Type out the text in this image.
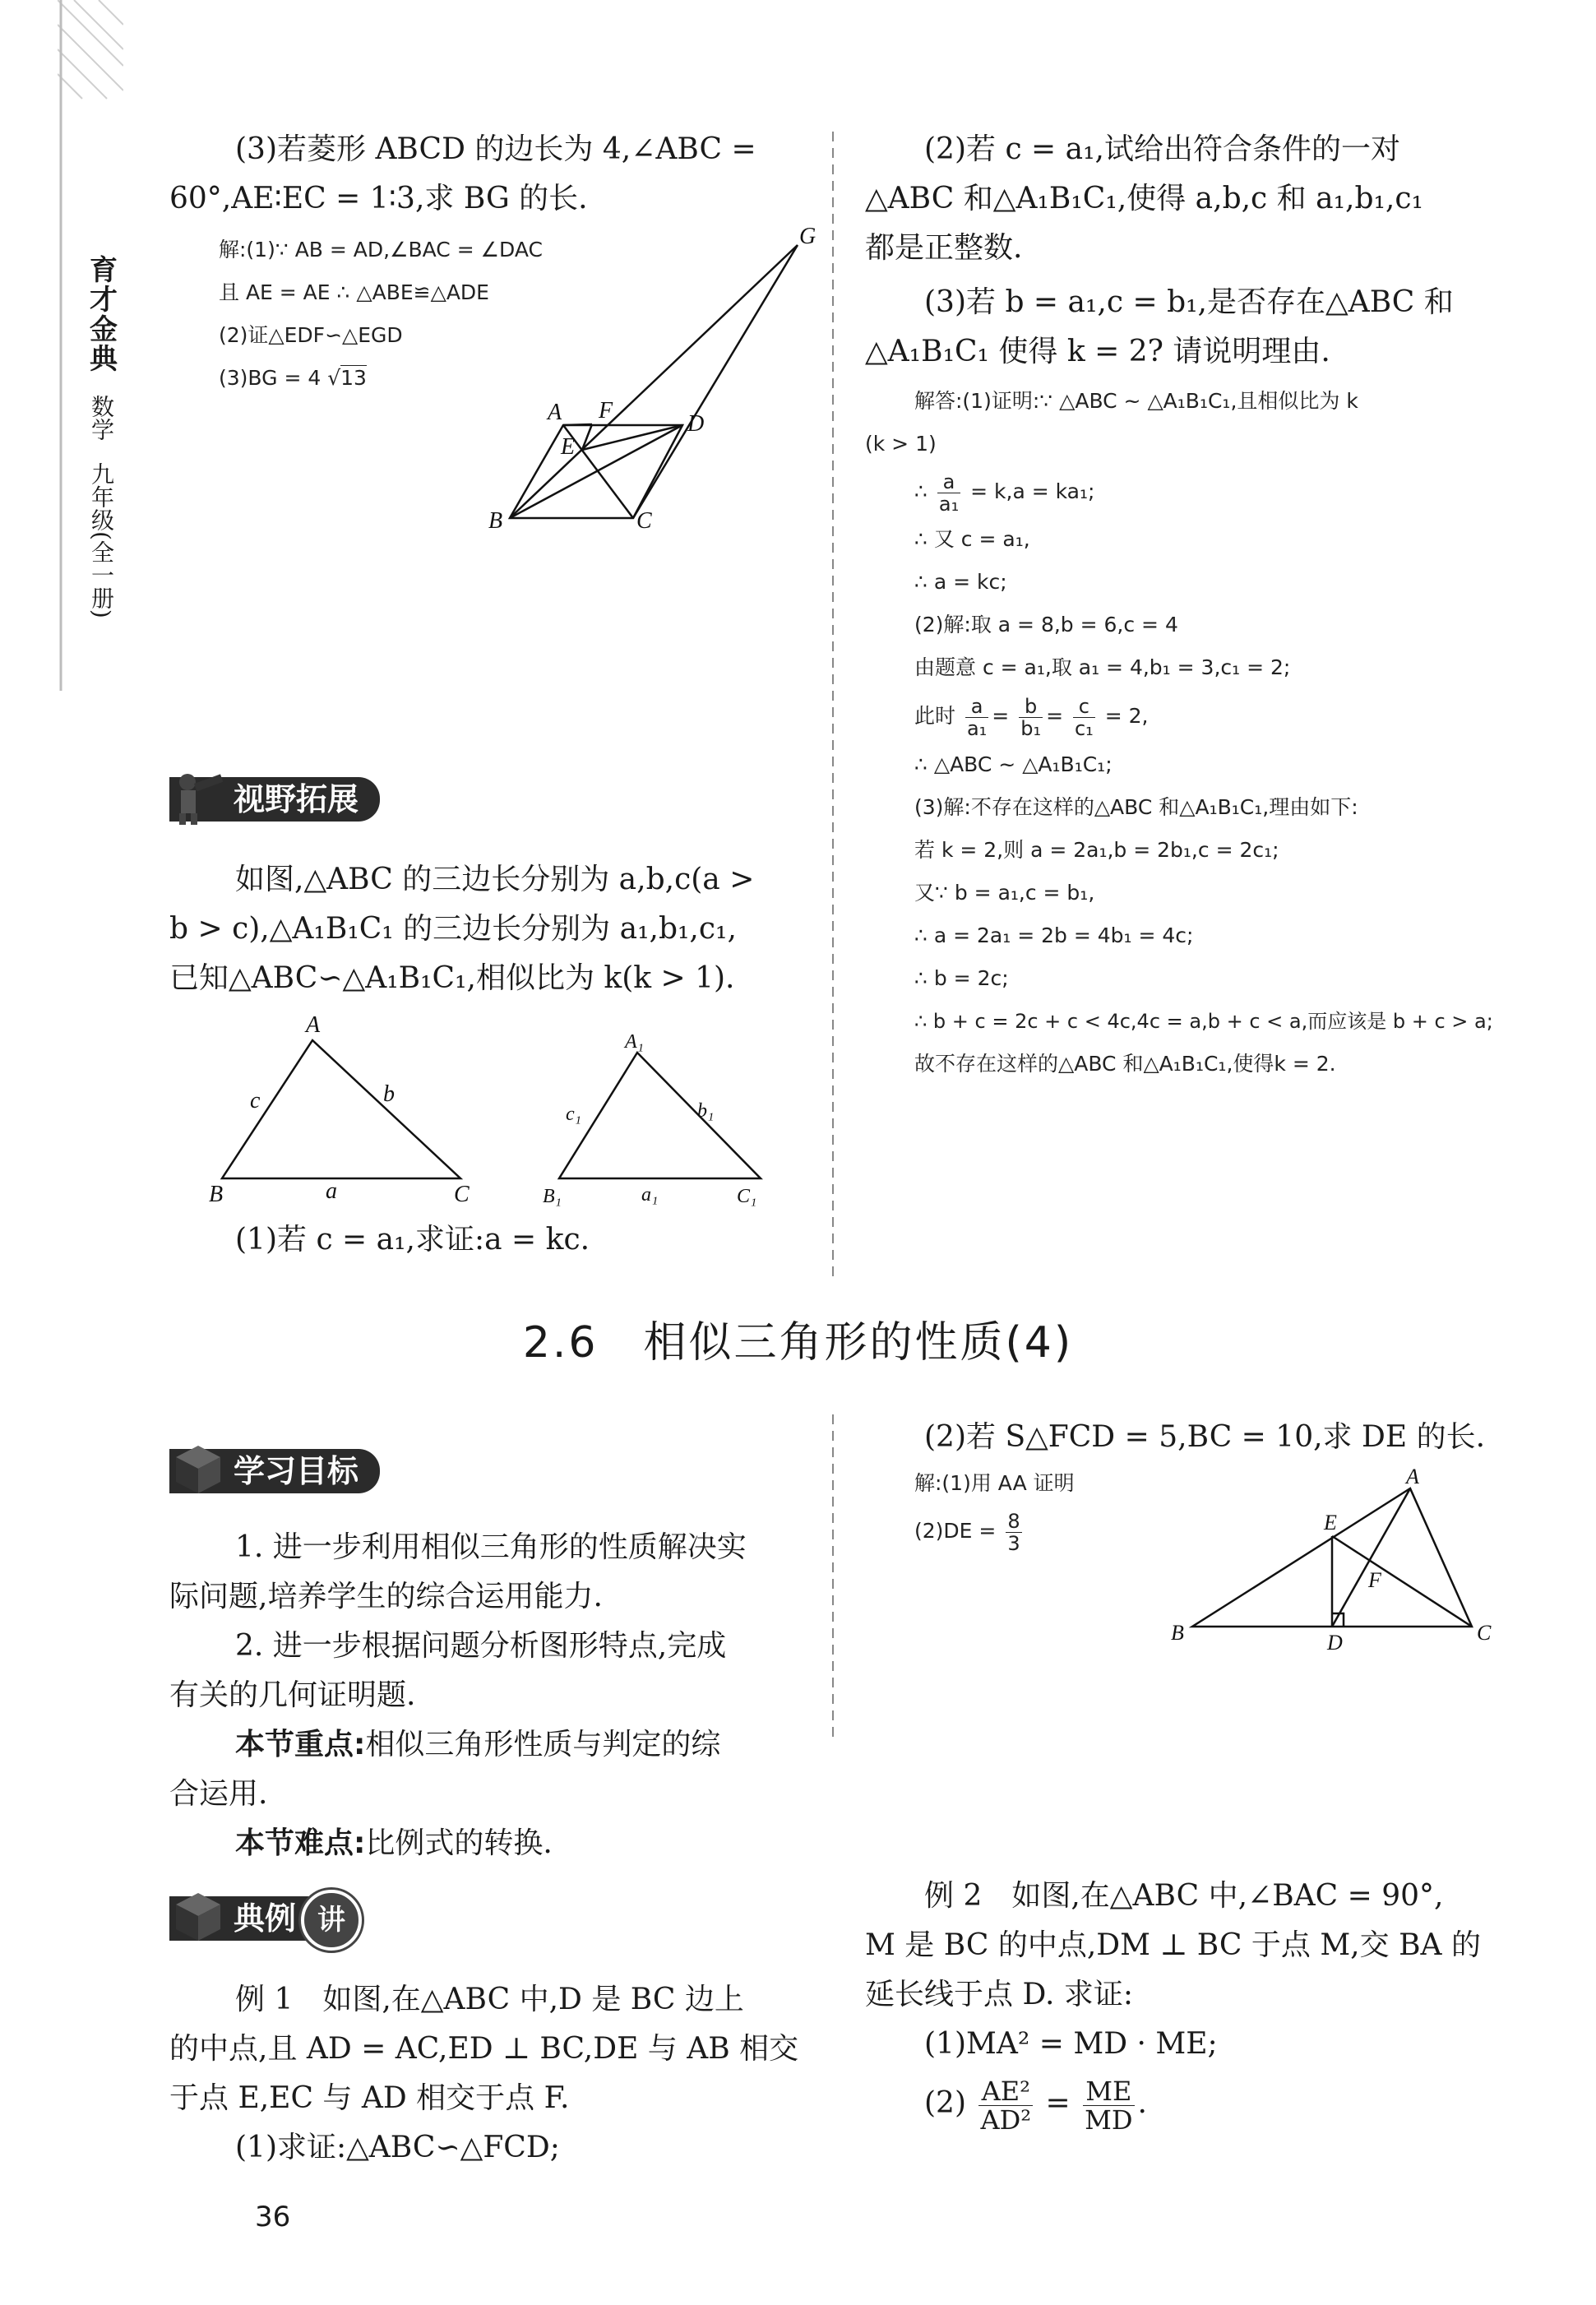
育才金典
数学
九年级(全一册)

(3)若菱形 ABCD 的边长为 4,∠ABC =

60°,AE∶EC = 1∶3,求 BG 的长.

解:(1)∵ AB = AD,∠BAC = ∠DAC
且 AE = AE ∴ △ABE≌△ADE
(2)证△EDF∽△EGD
(3)BG = 4 √13
G
A F
D
E
B	C
视野拓展

如图,△ABC 的三边长分别为 a,b,c(a >

b > c),△A₁B₁C₁ 的三边长分别为 a₁,b₁,c₁,

已知△ABC∽△A₁B₁C₁,相似比为 k(k > 1).

A
c	b
B	a	C
A₁
c₁	b₁
B₁	a₁	C₁

(1)若 c = a₁,求证:a = kc.

(2)若 c = a₁,试给出符合条件的一对

△ABC 和△A₁B₁C₁,使得 a,b,c 和 a₁,b₁,c₁

都是正整数.

(3)若 b = a₁,c = b₁,是否存在△ABC 和

△A₁B₁C₁ 使得 k = 2? 请说明理由.

解答:(1)证明:∵ △ABC ~ △A₁B₁C₁,且相似比为 k
(k > 1)
∴ $\frac{a}{\text{a₁}} = k,a = ka_1$;
∴ 又 c = a₁,
∴ a = kc;
(2)解:取 a = 8,b = 6,c = 4
由题意 c = a₁,取 a₁ = 4,b₁ = 3,c₁ = 2;
此时 $\frac{a}{\text{a₁}} = \frac{b}{\text{b₁}} = \frac{c}{\text{c₁}} = 2$,
∴ △ABC ~ △A₁B₁C₁;
(3)解:不存在这样的△ABC 和△A₁B₁C₁,理由如下:
若 k = 2,则 a = 2a₁,b = 2b₁,c = 2c₁;
又∵ b = a₁,c = b₁,
∴ a = 2a₁ = 2b = 4b₁ = 4c;
∴ b = 2c;
∴ b + c = 2c + c < 4c,4c = a,b + c < a,而应该是 b + c > a;
故不存在这样的△ABC 和△A₁B₁C₁,使得k = 2.
2.6　相似三角形的性质(4)
学习目标

1. 进一步利用相似三角形的性质解决实

际问题,培养学生的综合运用能力.

2. 进一步根据问题分析图形特点,完成

有关的几何证明题.

本节重点:相似三角形性质与判定的综

合运用.

本节难点:比例式的转换.

典例 讲

例 1　如图,在△ABC 中,D 是 BC 边上

的中点,且 AD = AC,ED ⊥ BC,DE 与 AB 相交

于点 E,EC 与 AD 相交于点 F.

(1)求证:△ABC∽△FCD;

(2)若 S△FCD = 5,BC = 10,求 DE 的长.

解:(1)用 AA 证明
$(2)DE = \frac{8}{3}$
A
E
F
B	D	C

例 2　如图,在△ABC 中,∠BAC = 90°,

M 是 BC 的中点,DM ⊥ BC 于点 M,交 BA 的

延长线于点 D. 求证:

(1)MA² = MD · ME;

$(2) \frac{\text{AE²}}{\text{AD²}} = \frac{ME}{MD}$ .

36
